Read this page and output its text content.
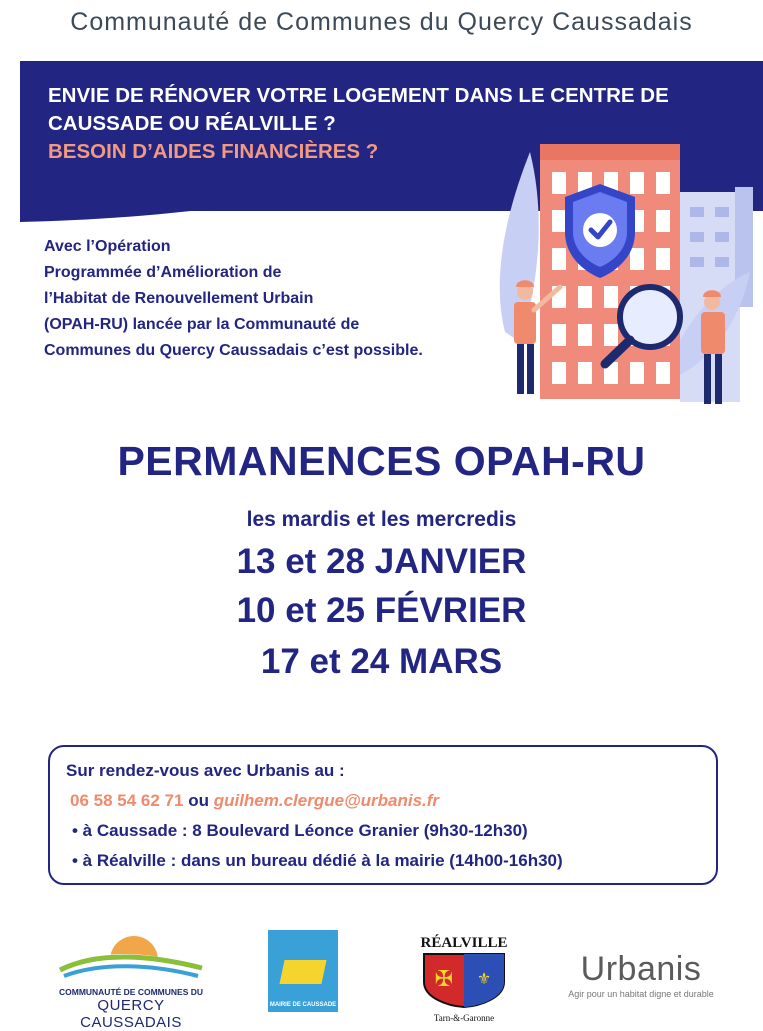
Communauté de Communes du Quercy Caussadais
ENVIE DE RÉNOVER VOTRE LOGEMENT DANS LE CENTRE DE
CAUSSADE OU RÉALVILLE ?
BESOIN D’AIDES FINANCIÈRES ?
Avec l’Opération
Programmée d’Amélioration de
l’Habitat de Renouvellement Urbain
(OPAH-RU) lancée par la Communauté de
Communes du Quercy Caussadais c’est possible.
PERMANENCES OPAH-RU
les mardis et les mercredis
13 et 28 JANVIER
10 et 25 FÉVRIER
17 et 24 MARS
Sur rendez-vous avec Urbanis au :
06 58 54 62 71 ou guilhem.clergue@urbanis.fr
• à Caussade : 8 Boulevard Léonce Granier (9h30-12h30)
• à Réalville : dans un bureau dédié à la mairie (14h00-16h30)
COMMUNAUTÉ DE COMMUNES DU
QUERCY CAUSSADAIS
MAIRIE DE CAUSSADE
RÉALVILLE
✠ ⚜
Tarn-&-Garonne
Urbanis
Agir pour un habitat digne et durable
